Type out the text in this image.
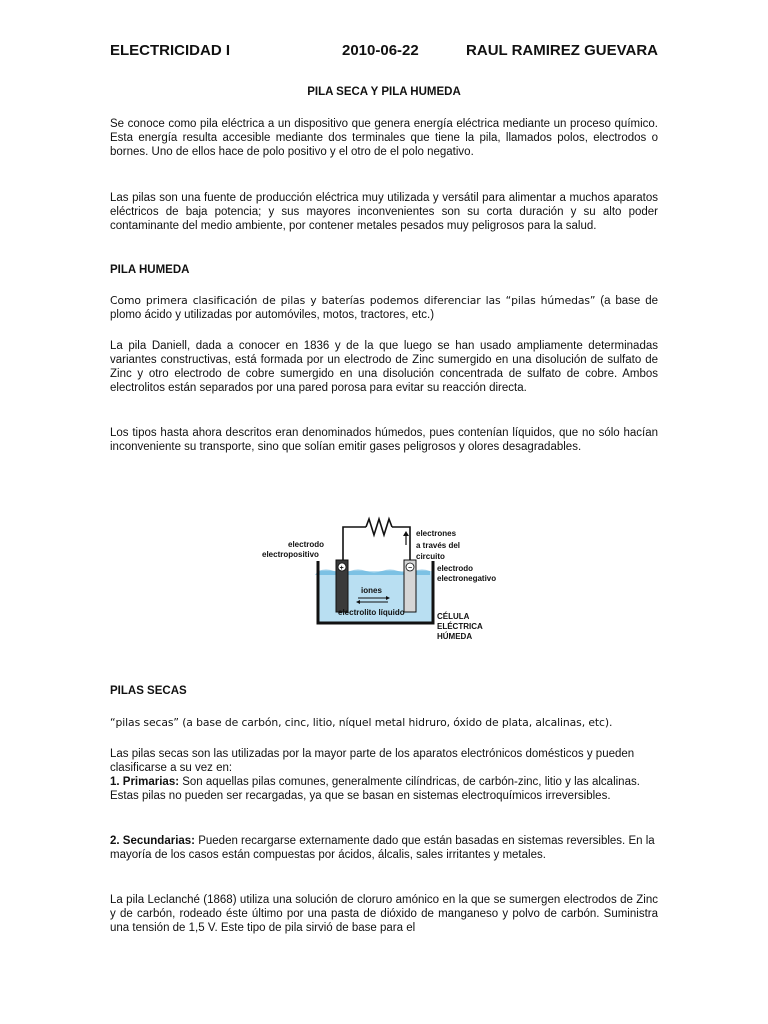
ELECTRICIDAD I	2010-06-22	RAUL RAMIREZ GUEVARA
PILA SECA Y PILA HUMEDA

Se conoce como pila eléctrica a un dispositivo que genera energía eléctrica mediante un proceso químico. Esta energía resulta accesible mediante dos terminales que tiene la pila, llamados polos, electrodos o bornes. Uno de ellos hace de polo positivo y el otro de el polo negativo.

Las pilas son una fuente de producción eléctrica muy utilizada y versátil para alimentar a muchos aparatos eléctricos de baja potencia; y sus mayores inconvenientes son su corta duración y su alto poder contaminante del medio ambiente, por contener metales pesados muy peligrosos para la salud.

PILA HUMEDA

Como primera clasificación de pilas y baterías podemos diferenciar las “pilas húmedas” (a base de plomo ácido y utilizadas por automóviles, motos, tractores, etc.)

La pila Daniell, dada a conocer en 1836 y de la que luego se han usado ampliamente determinadas variantes constructivas, está formada por un electrodo de Zinc sumergido en una disolución de sulfato de Zinc y otro electrodo de cobre sumergido en una disolución concentrada de sulfato de cobre. Ambos electrolitos están separados por una pared porosa para evitar su reacción directa.

Los tipos hasta ahora descritos eran denominados húmedos, pues contenían líquidos, que no sólo hacían inconveniente su transporte, sino que solían emitir gases peligrosos y olores desagradables.

+	−
iones
electrolito líquido
electrodo
electropositivo
electrones
a través del
circuito
electrodo
electronegativo
CÉLULA
ELÉCTRICA
HÚMEDA
PILAS SECAS

“pilas secas” (a base de carbón, cinc, litio, níquel metal hidruro, óxido de plata, alcalinas, etc).

Las pilas secas son las utilizadas por la mayor parte de los aparatos electrónicos domésticos y pueden clasificarse a su vez en:
1. Primarias: Son aquellas pilas comunes, generalmente cilíndricas, de carbón-zinc, litio y las alcalinas. Estas pilas no pueden ser recargadas, ya que se basan en sistemas electroquímicos irreversibles.

2. Secundarias: Pueden recargarse externamente dado que están basadas en sistemas reversibles. En la mayoría de los casos están compuestas por ácidos, álcalis, sales irritantes y metales.

La pila Leclanché (1868) utiliza una solución de cloruro amónico en la que se sumergen electrodos de Zinc y de carbón, rodeado éste último por una pasta de dióxido de manganeso y polvo de carbón. Suministra una tensión de 1,5 V. Este tipo de pila sirvió de base para el
